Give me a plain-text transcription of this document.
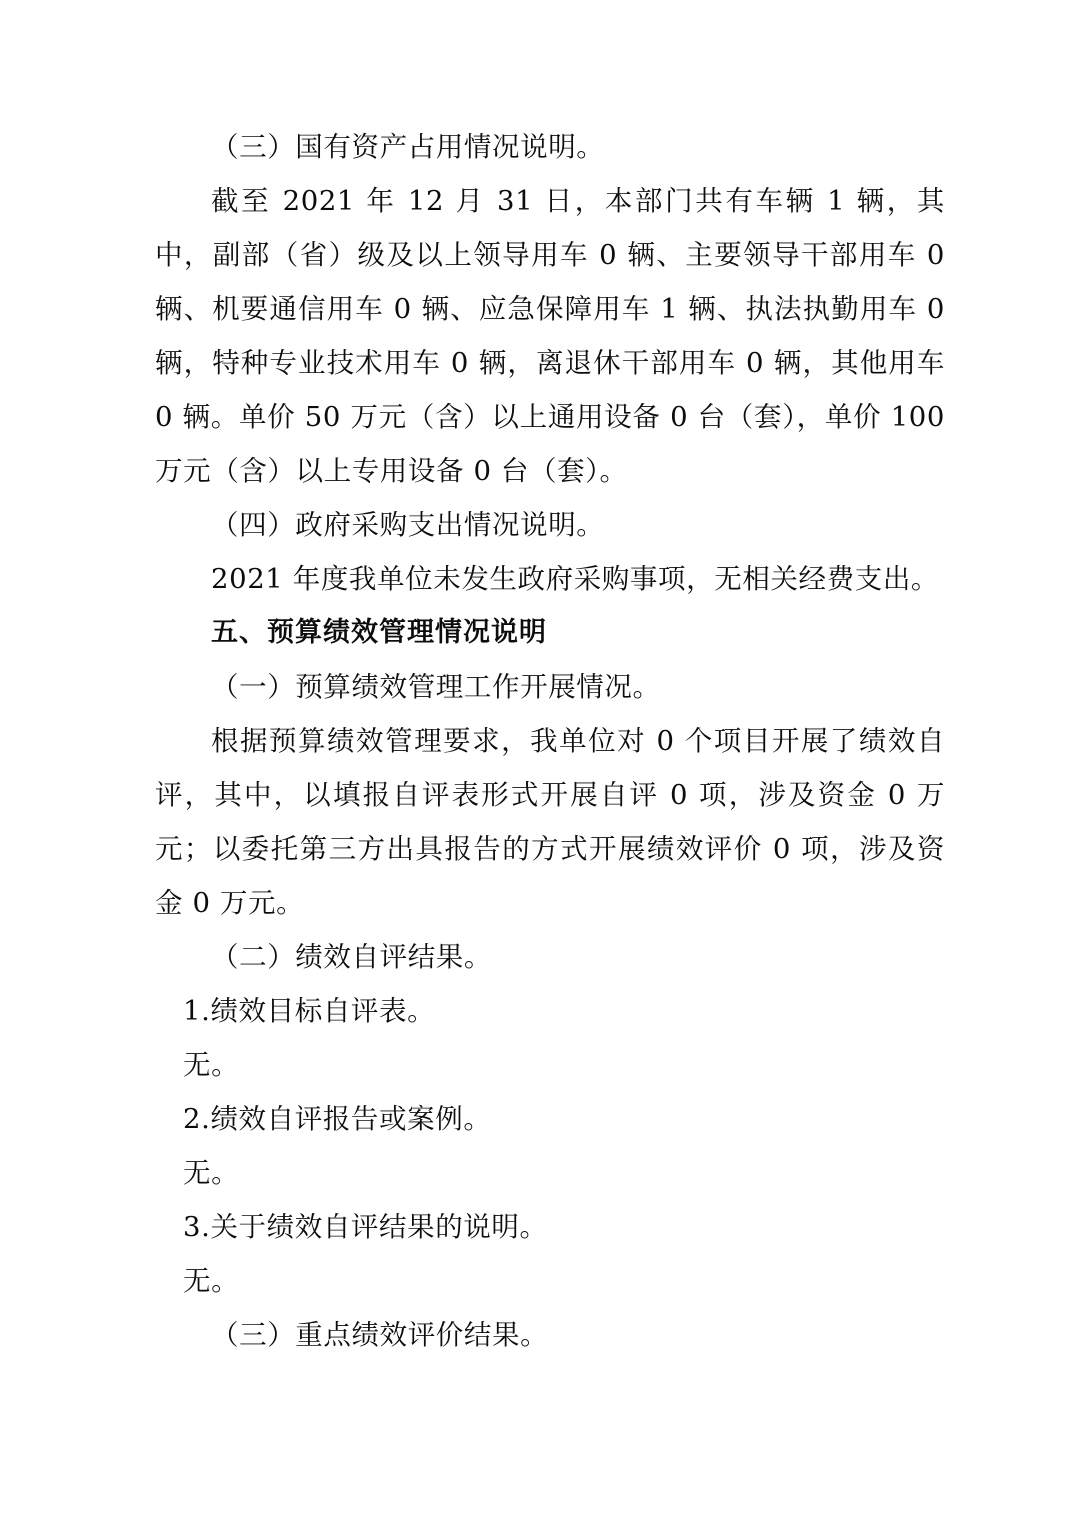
（三）国有资产占用情况说明。

截至 2021 年 12 月 31 日，本部门共有车辆 1 辆，其中，副部（省）级及以上领导用车 0 辆、主要领导干部用车 0 辆、机要通信用车 0 辆、应急保障用车 1 辆、执法执勤用车 0 辆，特种专业技术用车 0 辆，离退休干部用车 0 辆，其他用车 0 辆。单价 50 万元（含）以上通用设备 0 台（套），单价 100 万元（含）以上专用设备 0 台（套）。

（四）政府采购支出情况说明。

2021 年度我单位未发生政府采购事项，无相关经费支出。

五、预算绩效管理情况说明

（一）预算绩效管理工作开展情况。

根据预算绩效管理要求，我单位对 0 个项目开展了绩效自评，其中，以填报自评表形式开展自评 0 项，涉及资金 0 万元；以委托第三方出具报告的方式开展绩效评价 0 项，涉及资金 0 万元。

（二）绩效自评结果。

1.绩效目标自评表。

无。

2.绩效自评报告或案例。

无。

3.关于绩效自评结果的说明。

无。

（三）重点绩效评价结果。
